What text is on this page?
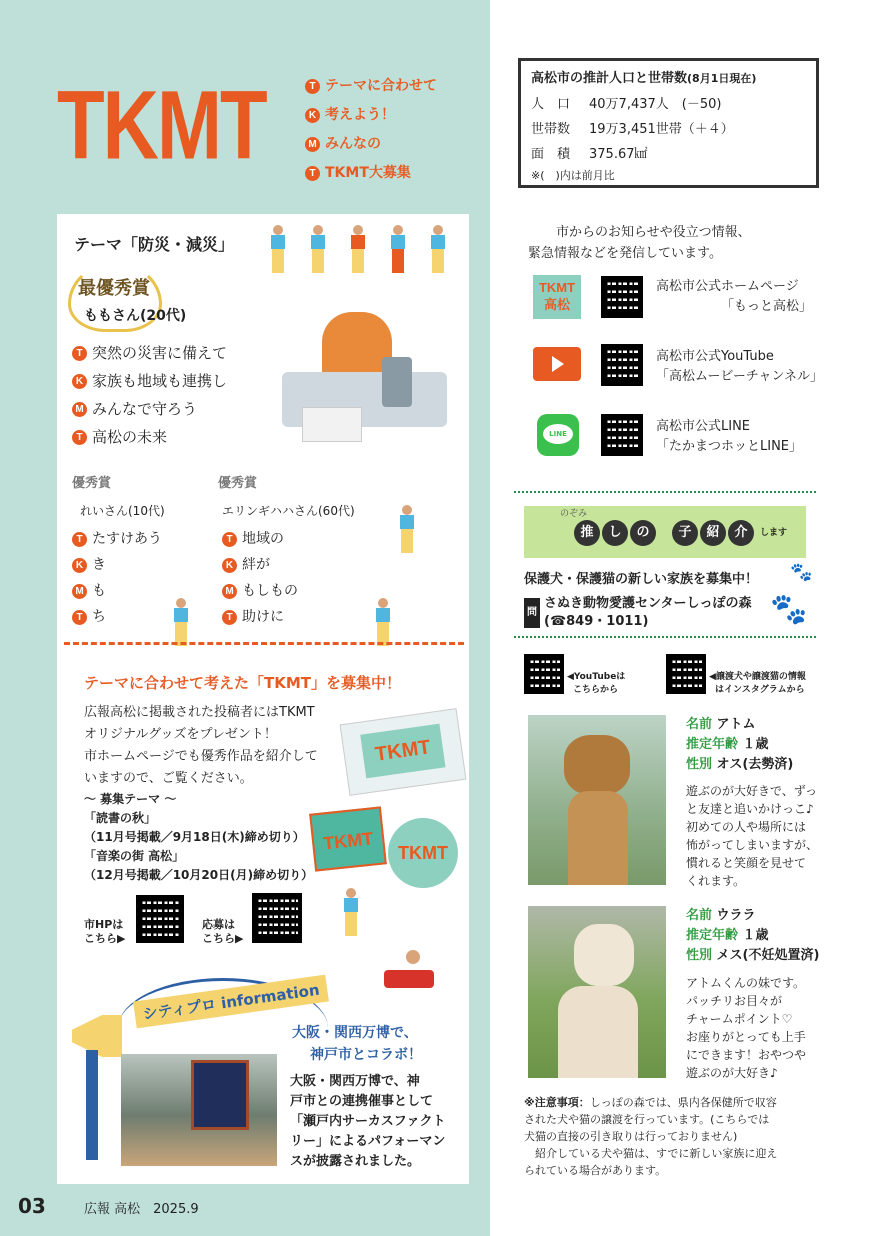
TKMT	T テーマに合わせて
K 考えよう！
M みんなの
T TKMT大募集
テーマ「防災・減災」
最優秀賞
ももさん(20代)
T 突然の災害に備えて
K 家族も地域も連携し
M みんなで守ろう
T 高松の未来
優秀賞
れいさん(10代)
T たすけあう
K き
M も
T ち
優秀賞
エリンギハハさん(60代)
T 地域の
K 絆が
M もしもの
T 助けに
テーマに合わせて考えた「TKMT」を募集中！
広報高松に掲載された投稿者にはTKMT
オリジナルグッズをプレゼント！
市ホームページでも優秀作品を紹介して
いますので、ご覧ください。
～ 募集テーマ ～
「読書の秋」
（11月号掲載／9月18日(木)締め切り）
「音楽の街 高松」
（12月号掲載／10月20日(月)締め切り）
TKMT
TKMT	TKMT
市HPは
こちら▶
応募は
こちら▶
シティプロ information
大阪・関西万博で、
神戸市とコラボ！
大阪・関西万博で、神
戸市との連携催事として
「瀬戸内サーカスファクト
リー」によるパフォーマン
スが披露されました。
03	広報 高松　2025.9
高松市の推計人口と世帯数(8月1日現在)
人　口 40万7,437人　(－50)
世帯数 19万3,451世帯（＋４）
面　積 375.67㎢
※(　)内は前月比
市からのお知らせや役立つ情報、
緊急情報などを発信しています。
TKMT 高松
高松市公式ホームページ
「もっと高松」
高松市公式YouTube
「高松ムービーチャンネル」
LINE	高松市公式LINE
「たかまつホッとLINE」
のぞみ
推	し	の	子	紹	介	します
保護犬・保護猫の新しい家族を募集中！ 🐾
問
さぬき動物愛護センターしっぽの森
(☎849・1011)	🐾
◀YouTubeは
こちらから
◀譲渡犬や譲渡猫の情報
はインスタグラムから
名前 アトム
推定年齢 １歳
性別 オス(去勢済)
遊ぶのが大好きで、ずっ
と友達と追いかけっこ♪
初めての人や場所には
怖がってしまいますが、
慣れると笑顔を見せて
くれます。
名前 ウララ
推定年齢 １歳
性別 メス(不妊処置済)
アトムくんの妹です。
パッチリお目々が
チャームポイント♡
お座りがとっても上手
にできます！おやつや
遊ぶのが大好き♪
※注意事項：しっぽの森では、県内各保健所で収容
された犬や猫の譲渡を行っています。(こちらでは
犬猫の直接の引き取りは行っておりません)
　紹介している犬や猫は、すでに新しい家族に迎え
られている場合があります。
